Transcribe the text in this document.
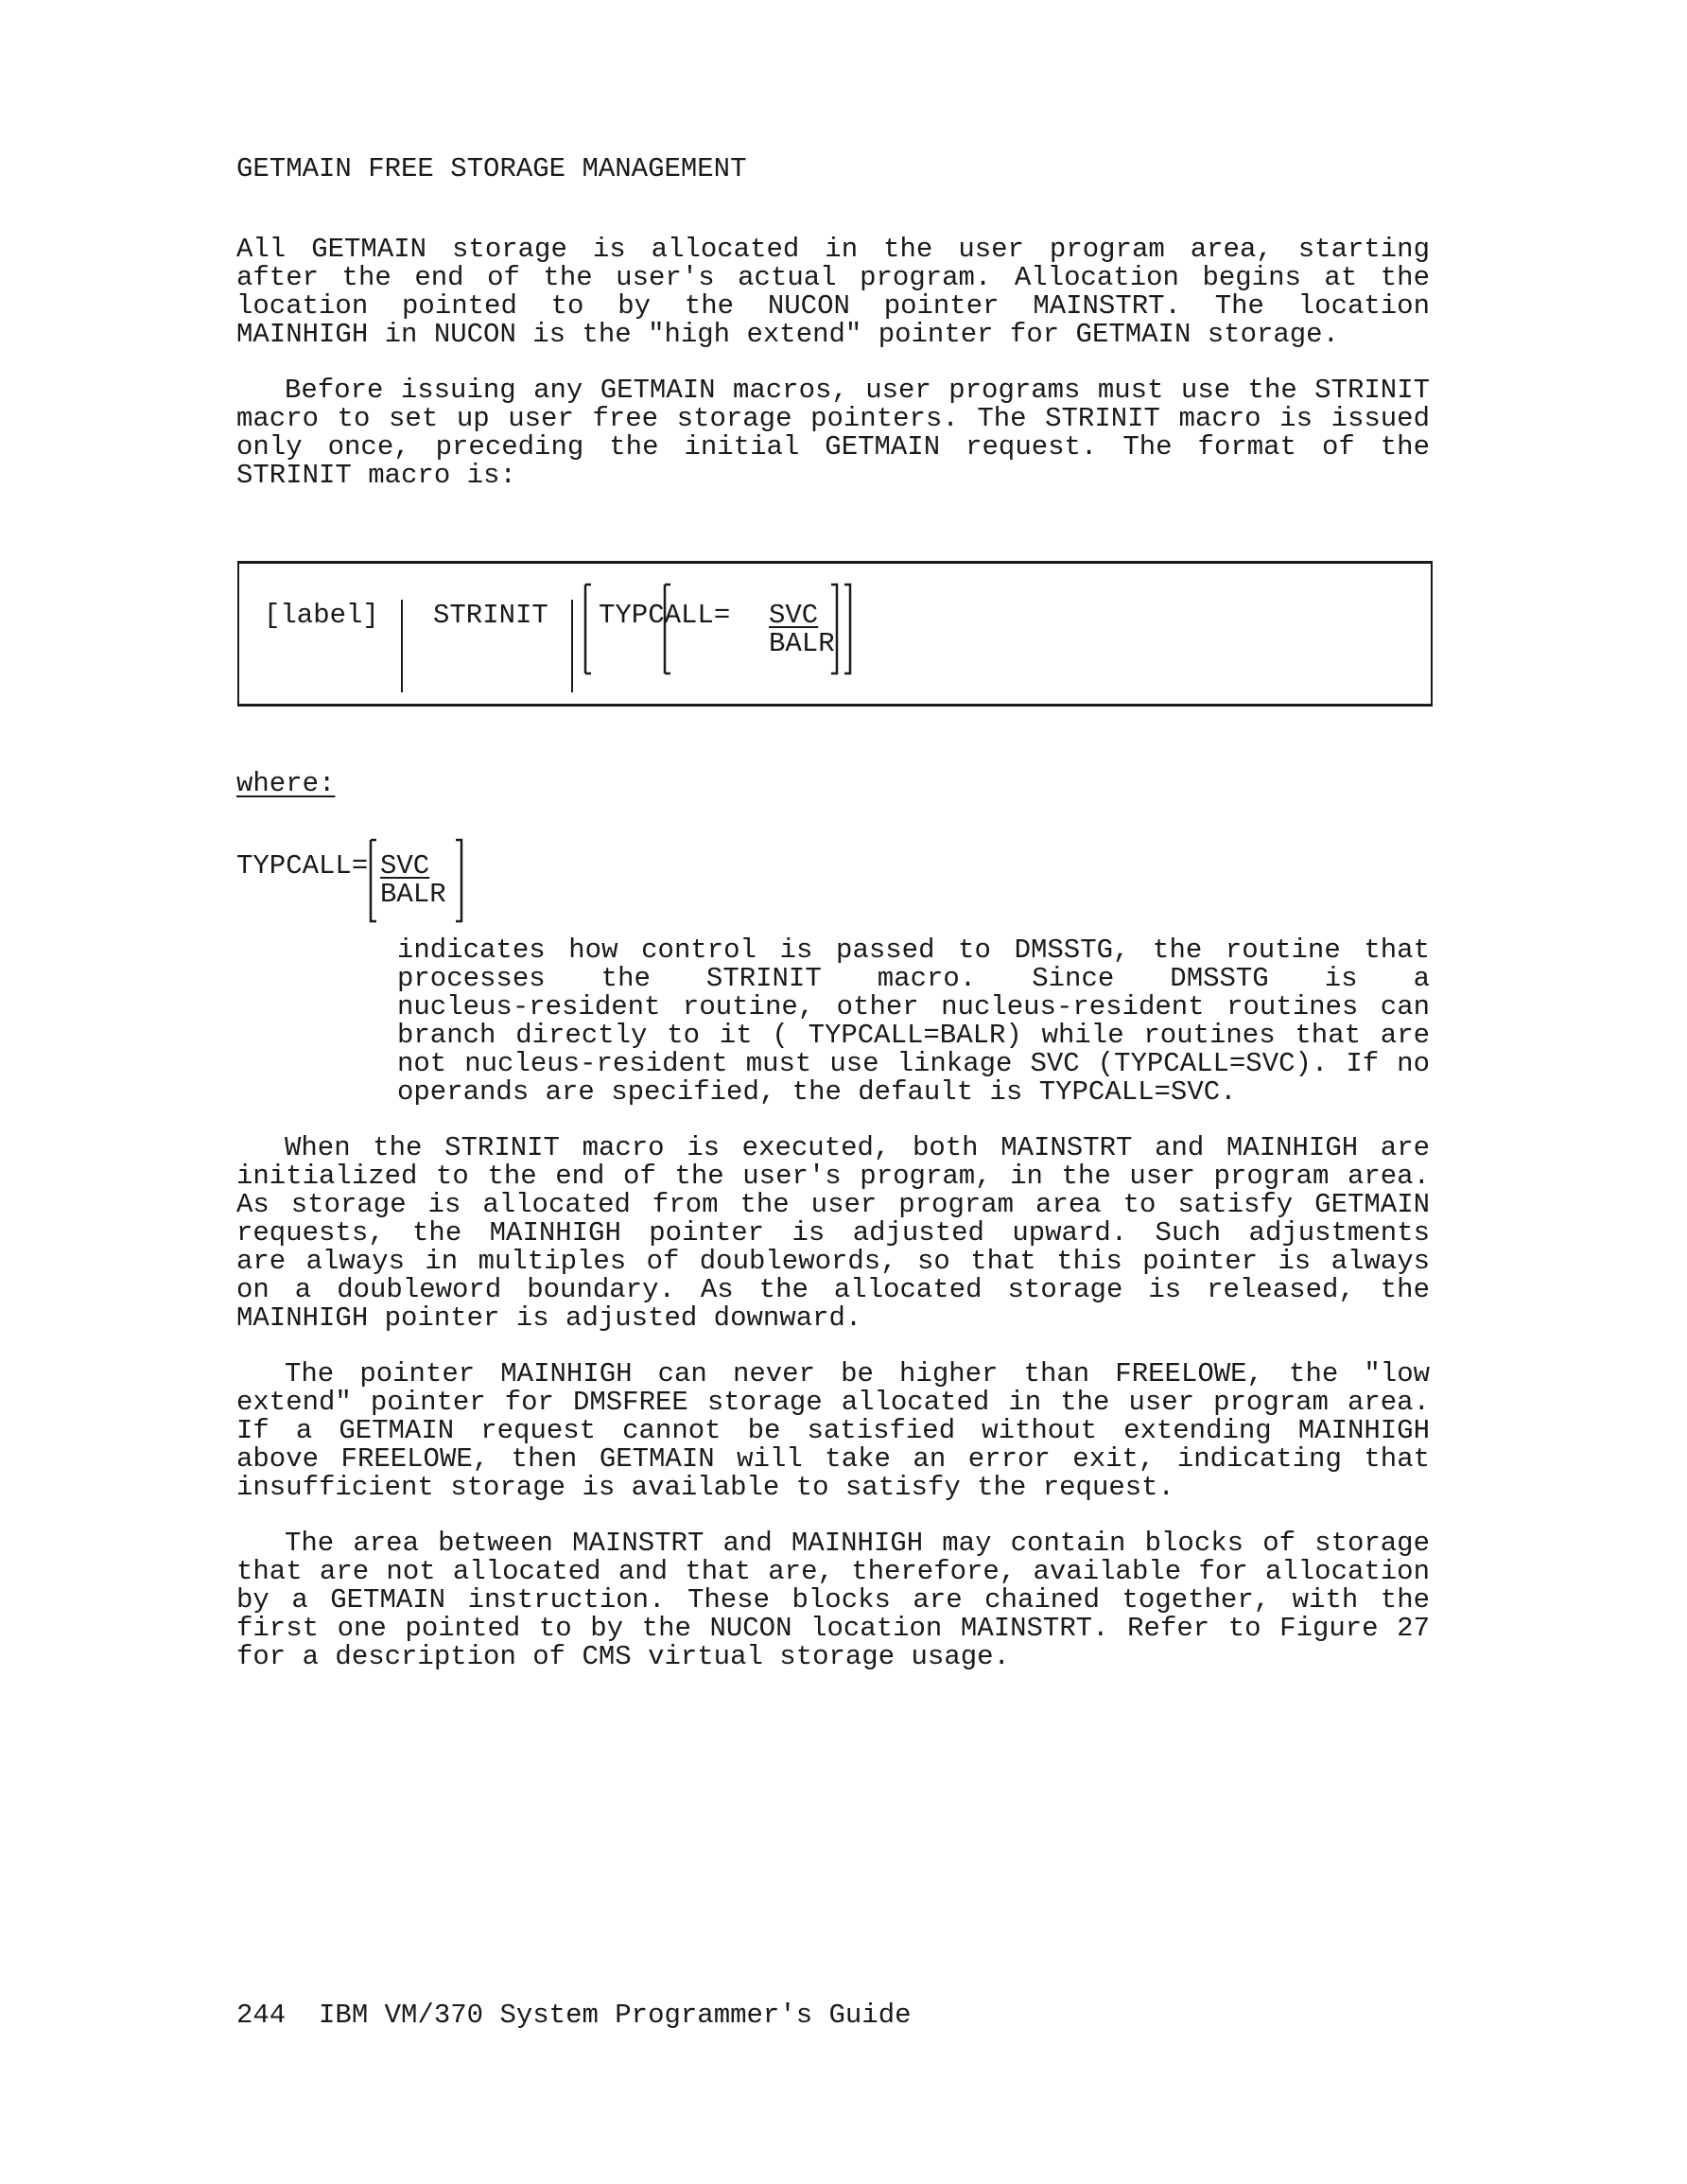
GETMAIN FREE STORAGE MANAGEMENT
All GETMAIN storage is allocated in the user program area, starting
after the end of the user's actual program. Allocation begins at the
location pointed to by the NUCON pointer MAINSTRT. The location
MAINHIGH in NUCON is the "high extend" pointer for GETMAIN storage.
Before issuing any GETMAIN macros, user programs must use the STRINIT
macro to set up user free storage pointers. The STRINIT macro is issued
only once, preceding the initial GETMAIN request. The format of the
STRINIT macro is:
[label] STRINIT TYPCALL= SVC
BALR
where:
TYPCALL= SVC
BALR
indicates how control is passed to DMSSTG, the routine that
processes the STRINIT macro. Since DMSSTG is a
nucleus-resident routine, other nucleus-resident routines can
branch directly to it ( TYPCALL=BALR) while routines that are
not nucleus-resident must use linkage SVC (TYPCALL=SVC). If no
operands are specified, the default is TYPCALL=SVC.
When the STRINIT macro is executed, both MAINSTRT and MAINHIGH are
initialized to the end of the user's program, in the user program area.
As storage is allocated from the user program area to satisfy GETMAIN
requests, the MAINHIGH pointer is adjusted upward. Such adjustments
are always in multiples of doublewords, so that this pointer is always
on a doubleword boundary. As the allocated storage is released, the
MAINHIGH pointer is adjusted downward.
The pointer MAINHIGH can never be higher than FREELOWE, the "low
extend" pointer for DMSFREE storage allocated in the user program area.
If a GETMAIN request cannot be satisfied without extending MAINHIGH
above FREELOWE, then GETMAIN will take an error exit, indicating that
insufficient storage is available to satisfy the request.
The area between MAINSTRT and MAINHIGH may contain blocks of storage
that are not allocated and that are, therefore, available for allocation
by a GETMAIN instruction. These blocks are chained together, with the
first one pointed to by the NUCON location MAINSTRT. Refer to Figure 27
for a description of CMS virtual storage usage.
244 IBM VM/370 System Programmer's Guide
